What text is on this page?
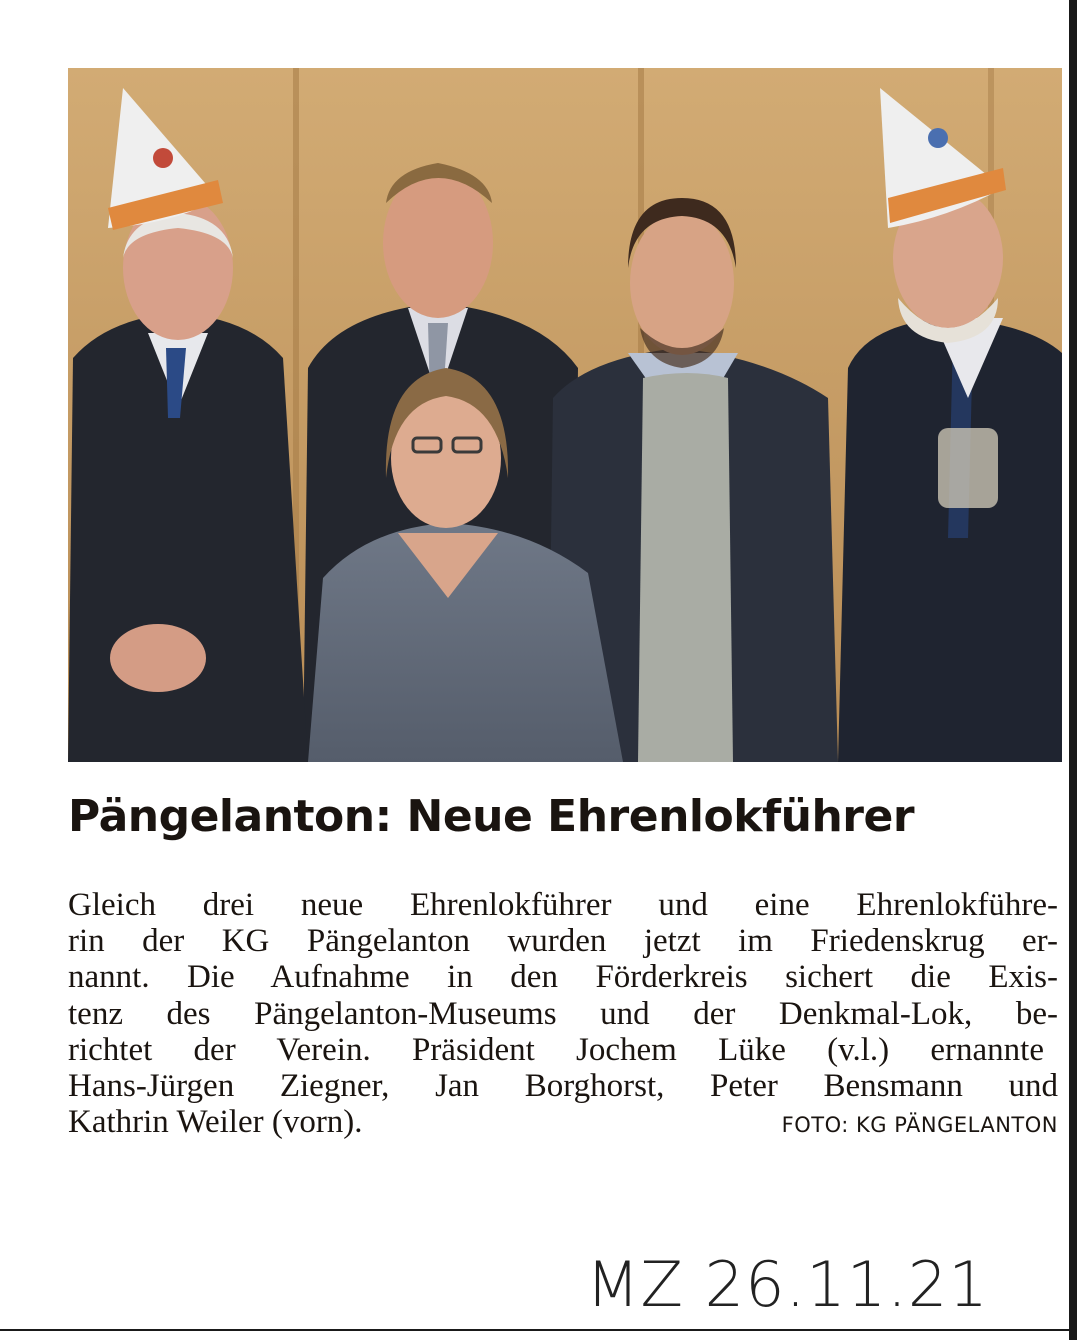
Pängelanton: Neue Ehrenlokführer
Gleich drei neue Ehrenlokführer und eine Ehrenlokführe-
rin der KG Pängelanton wurden jetzt im Friedenskrug er-
nannt. Die Aufnahme in den Förderkreis sichert die Exis-
tenz des Pängelanton-Museums und der Denkmal-Lok, be-
richtet der Verein. Präsident Jochem Lüke (v.l.) ernannte
Hans-Jürgen Ziegner, Jan Borghorst, Peter Bensmann und
Kathrin Weiler (vorn).	FOTO: KG PÄNGELANTON
MZ 26.11.21
